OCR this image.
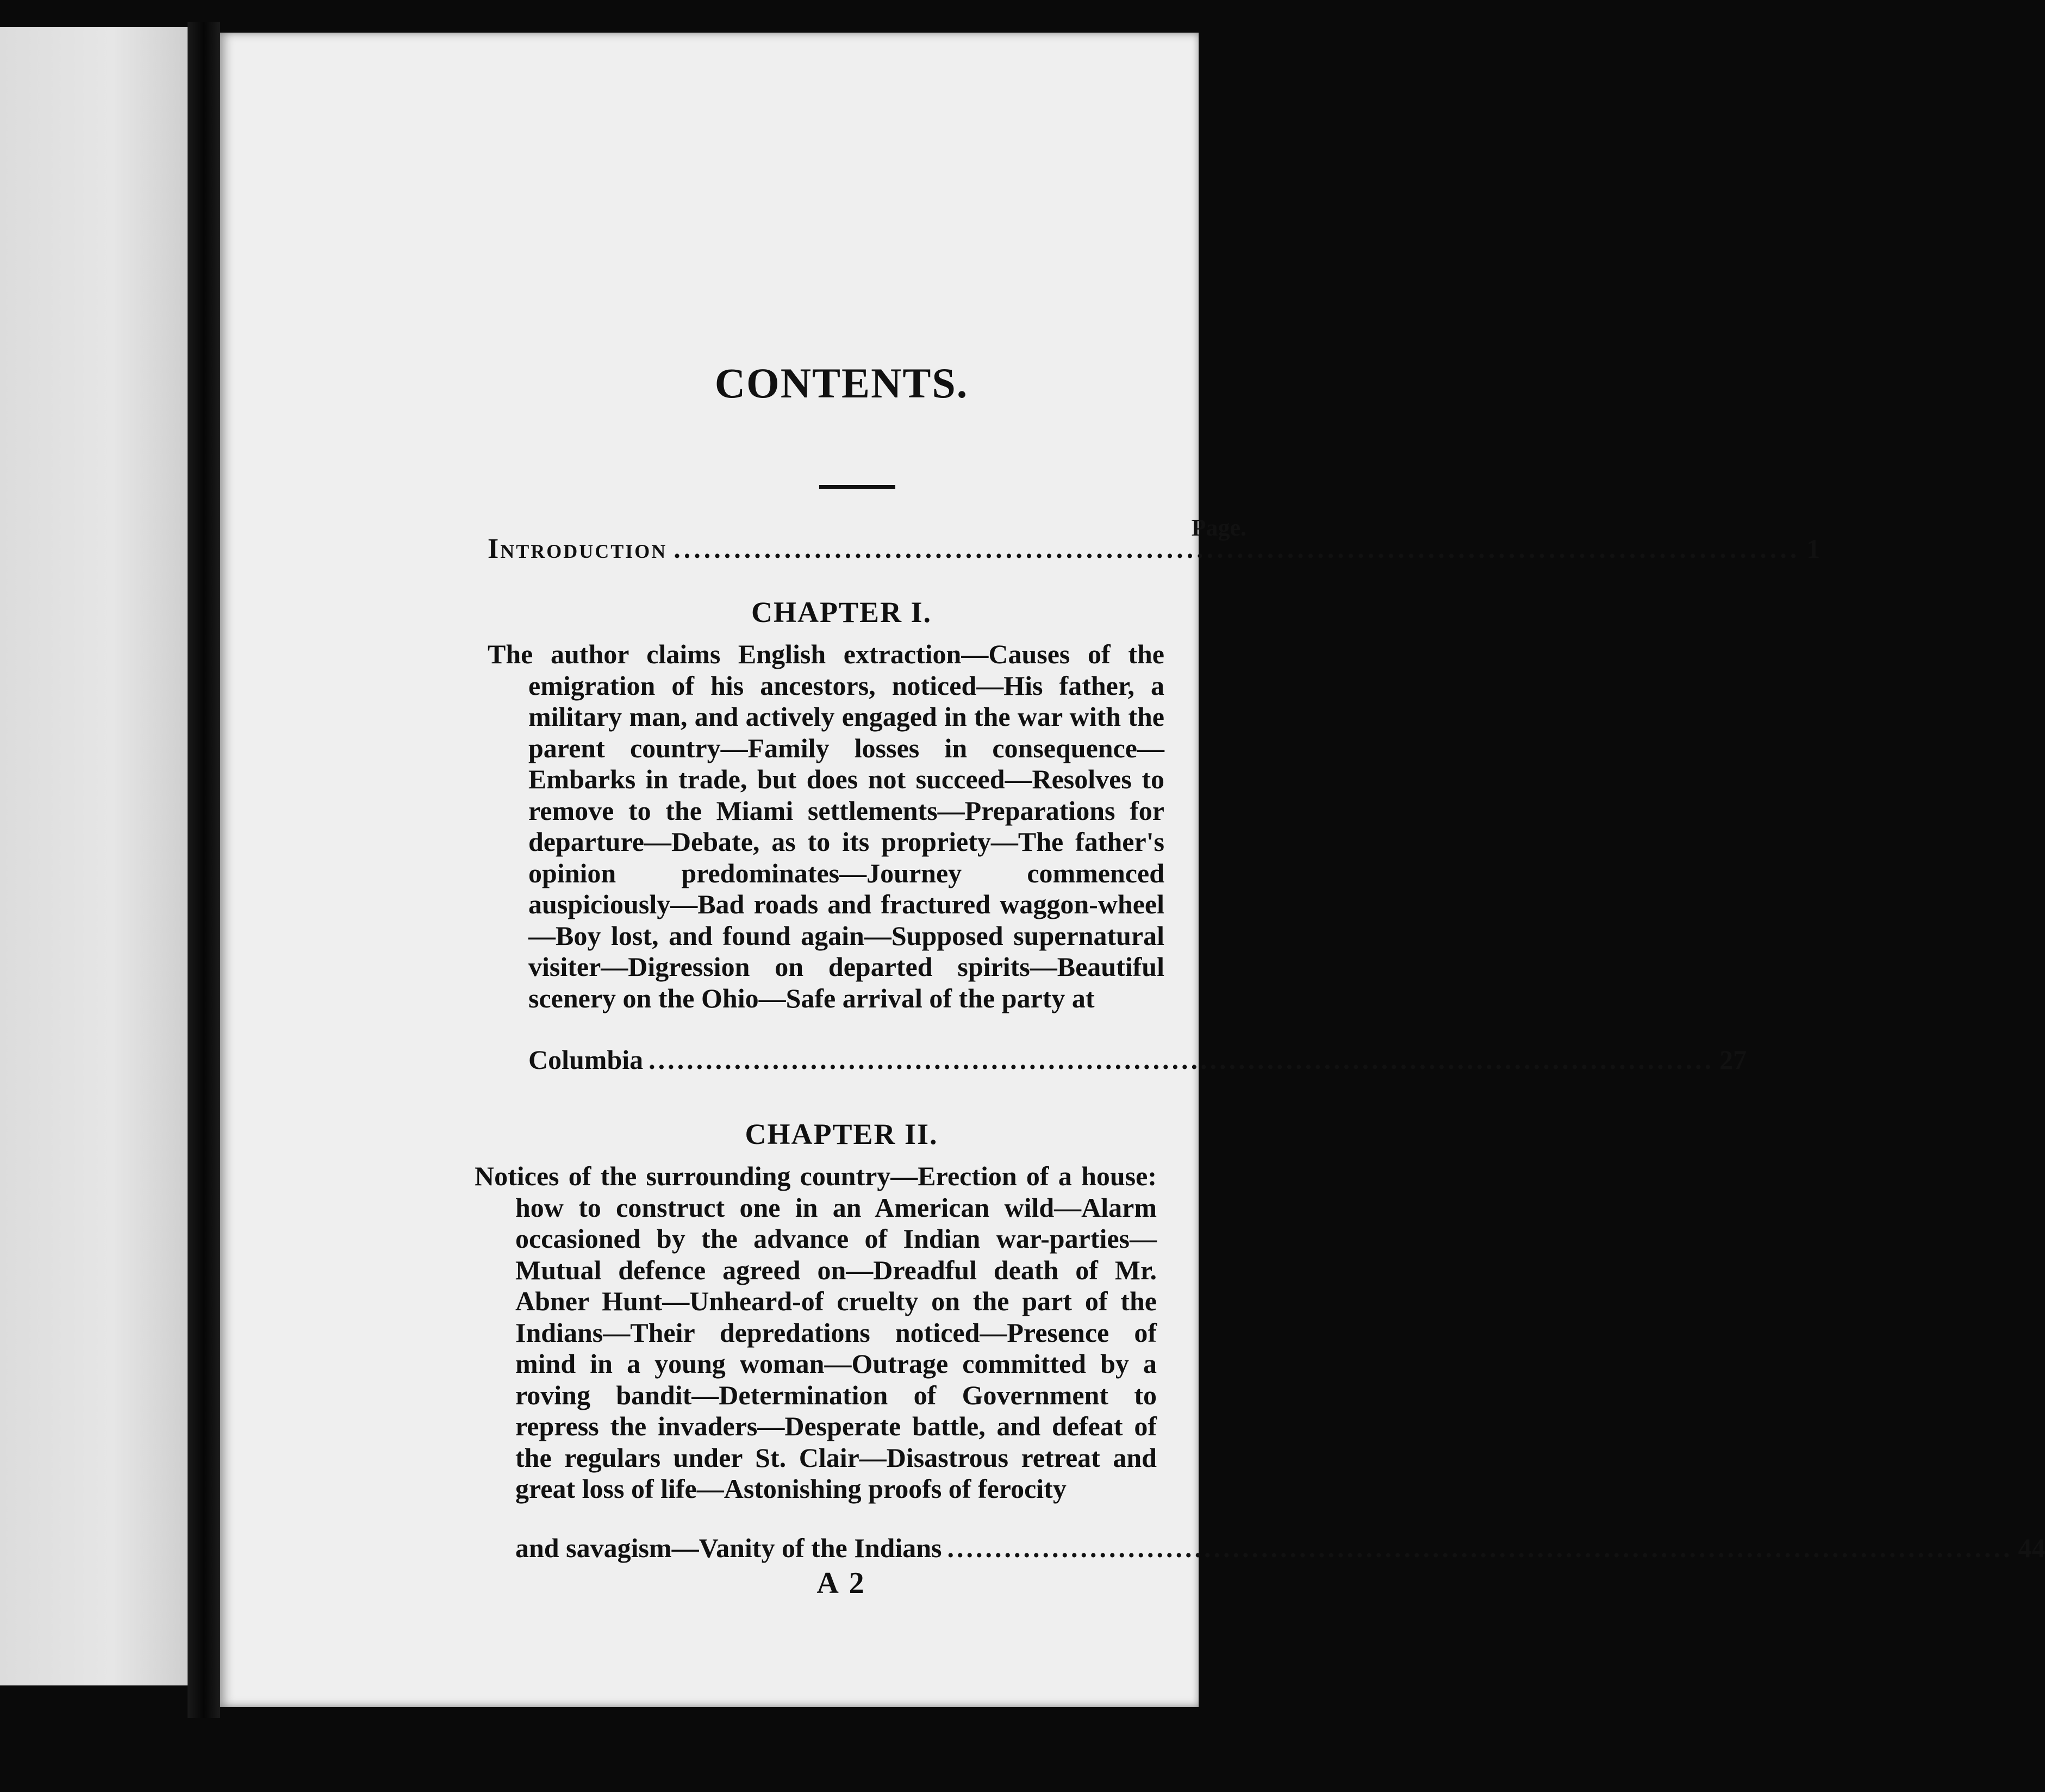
CONTENTS.
Page.
Introduction ................................................................................................................ 1
CHAPTER I.

The author claims English extraction—Causes of the emigration of his ancestors, noticed—His father, a military man, and actively engaged in the war with the parent country—Family losses in consequence—Embarks in trade, but does not succeed—Resolves to remove to the Miami settlements—Preparations for departure—Debate, as to its propriety—The father's opinion predominates—Journey commenced auspiciously—Bad roads and fractured waggon-wheel—Boy lost, and found again—Supposed supernatural visiter—Digression on departed spirits—Beautiful scenery on the Ohio—Safe arrival of the party at

Columbia ................................................................................................................ 27
CHAPTER II.

Notices of the surrounding country—Erection of a house: how to construct one in an American wild—Alarm occasioned by the advance of Indian war-parties—Mutual defence agreed on—Dreadful death of Mr. Abner Hunt—Unheard-of cruelty on the part of the Indians—Their depredations noticed—Presence of mind in a young woman—Outrage committed by a roving bandit—Determination of Government to repress the invaders—Desperate battle, and defeat of the regulars under St. Clair—Disastrous retreat and great loss of life—Astonishing proofs of ferocity

and savagism—Vanity of the Indians ................................................................................................................ 44
A 2
